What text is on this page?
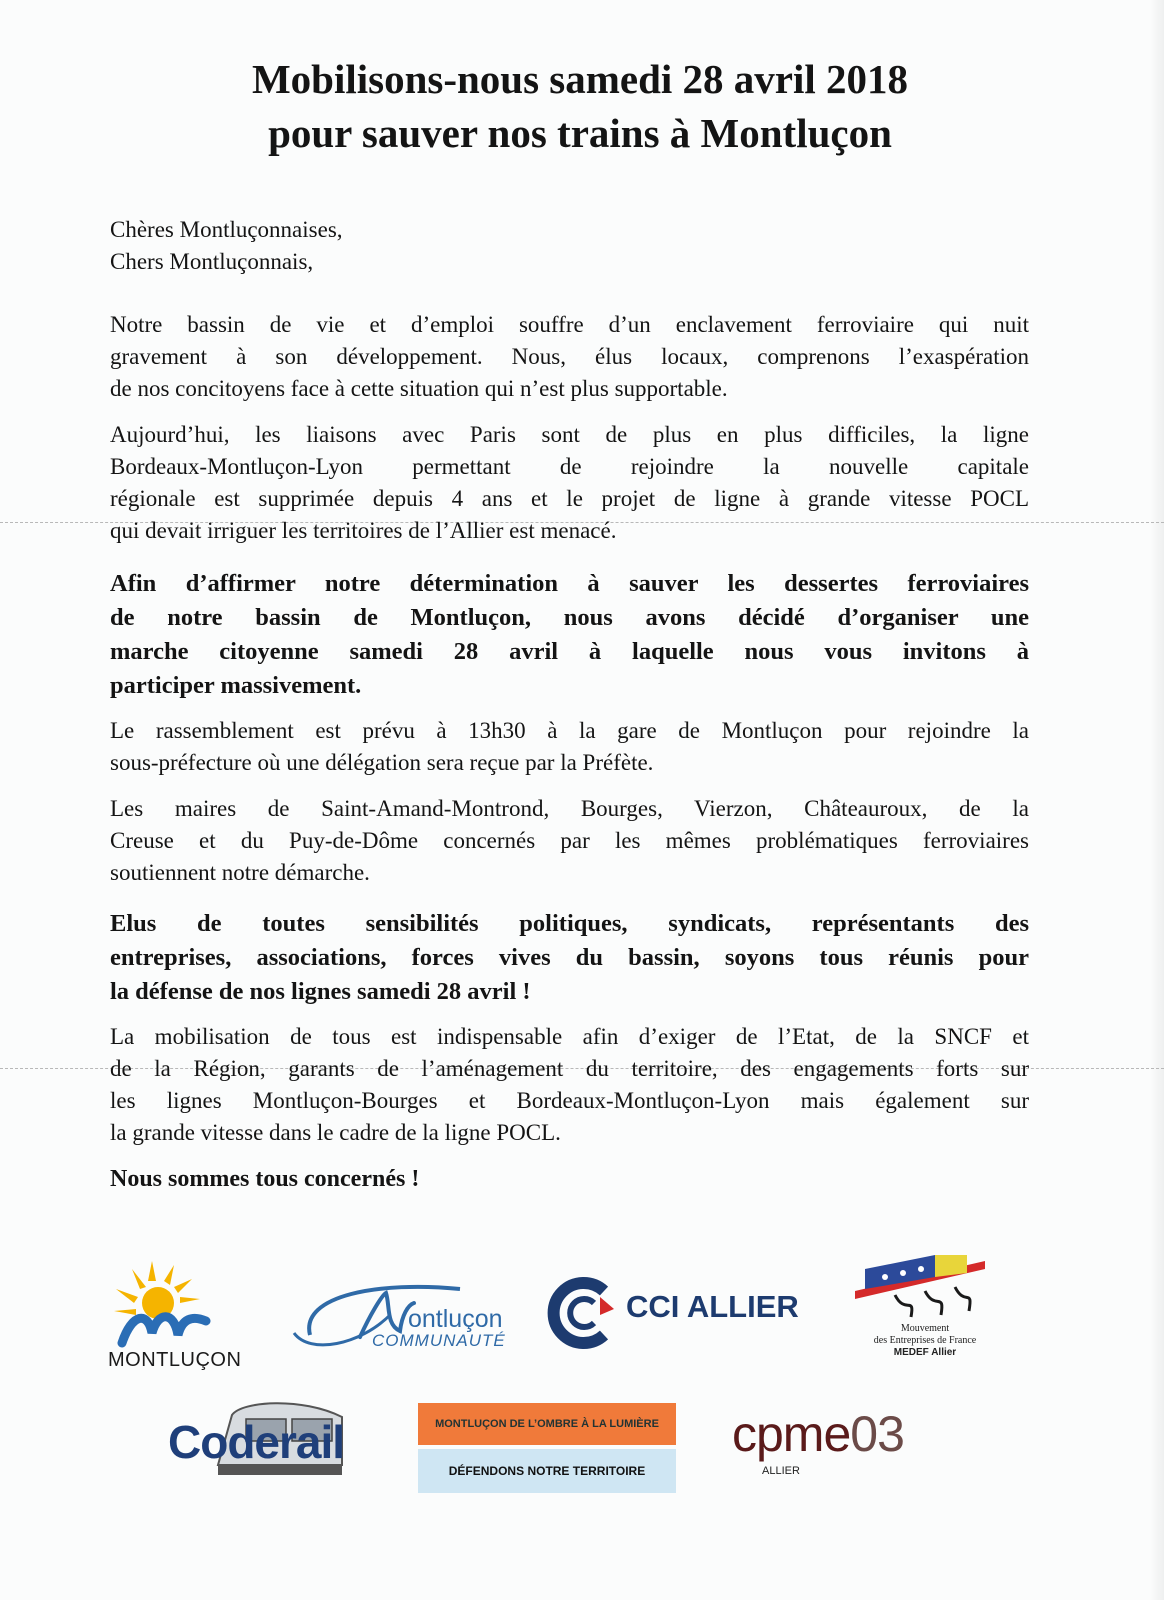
Mobilisons-nous samedi 28 avril 2018
pour sauver nos trains à Montluçon
Chères Montluçonnaises,
Chers Montluçonnais,
Notre bassin de vie et d’emploi souffre d’un enclavement ferroviaire qui nuit
gravement à son développement. Nous, élus locaux, comprenons l’exaspération
de nos concitoyens face à cette situation qui n’est plus supportable.
Aujourd’hui, les liaisons avec Paris sont de plus en plus difficiles, la ligne
Bordeaux-Montluçon-Lyon permettant de rejoindre la nouvelle capitale
régionale est supprimée depuis 4 ans et le projet de ligne à grande vitesse POCL
qui devait irriguer les territoires de l’Allier est menacé.
Afin d’affirmer notre détermination à sauver les dessertes ferroviaires
de notre bassin de Montluçon, nous avons décidé d’organiser une
marche citoyenne samedi 28 avril à laquelle nous vous invitons à
participer massivement.
Le rassemblement est prévu à 13h30 à la gare de Montluçon pour rejoindre la
sous-préfecture où une délégation sera reçue par la Préfète.
Les maires de Saint-Amand-Montrond, Bourges, Vierzon, Châteauroux, de la
Creuse et du Puy-de-Dôme concernés par les mêmes problématiques ferroviaires
soutiennent notre démarche.
Elus de toutes sensibilités politiques, syndicats, représentants des
entreprises, associations, forces vives du bassin, soyons tous réunis pour
la défense de nos lignes samedi 28 avril !
La mobilisation de tous est indispensable afin d’exiger de l’Etat, de la SNCF et
de la Région, garants de l’aménagement du territoire, des engagements forts sur
les lignes Montluçon-Bourges et Bordeaux-Montluçon-Lyon mais également sur
la grande vitesse dans le cadre de la ligne POCL.
Nous sommes tous concernés !
MONTLUÇON
ontluçon
COMMUNAUTÉ
CCI ALLIER
Mouvement
des Entreprises de France
MEDEF Allier
Coderail	MONTLUÇON DE L’OMBRE À LA LUMIÈRE
DÉFENDONS NOTRE TERRITOIRE
cpme03
ALLIER
